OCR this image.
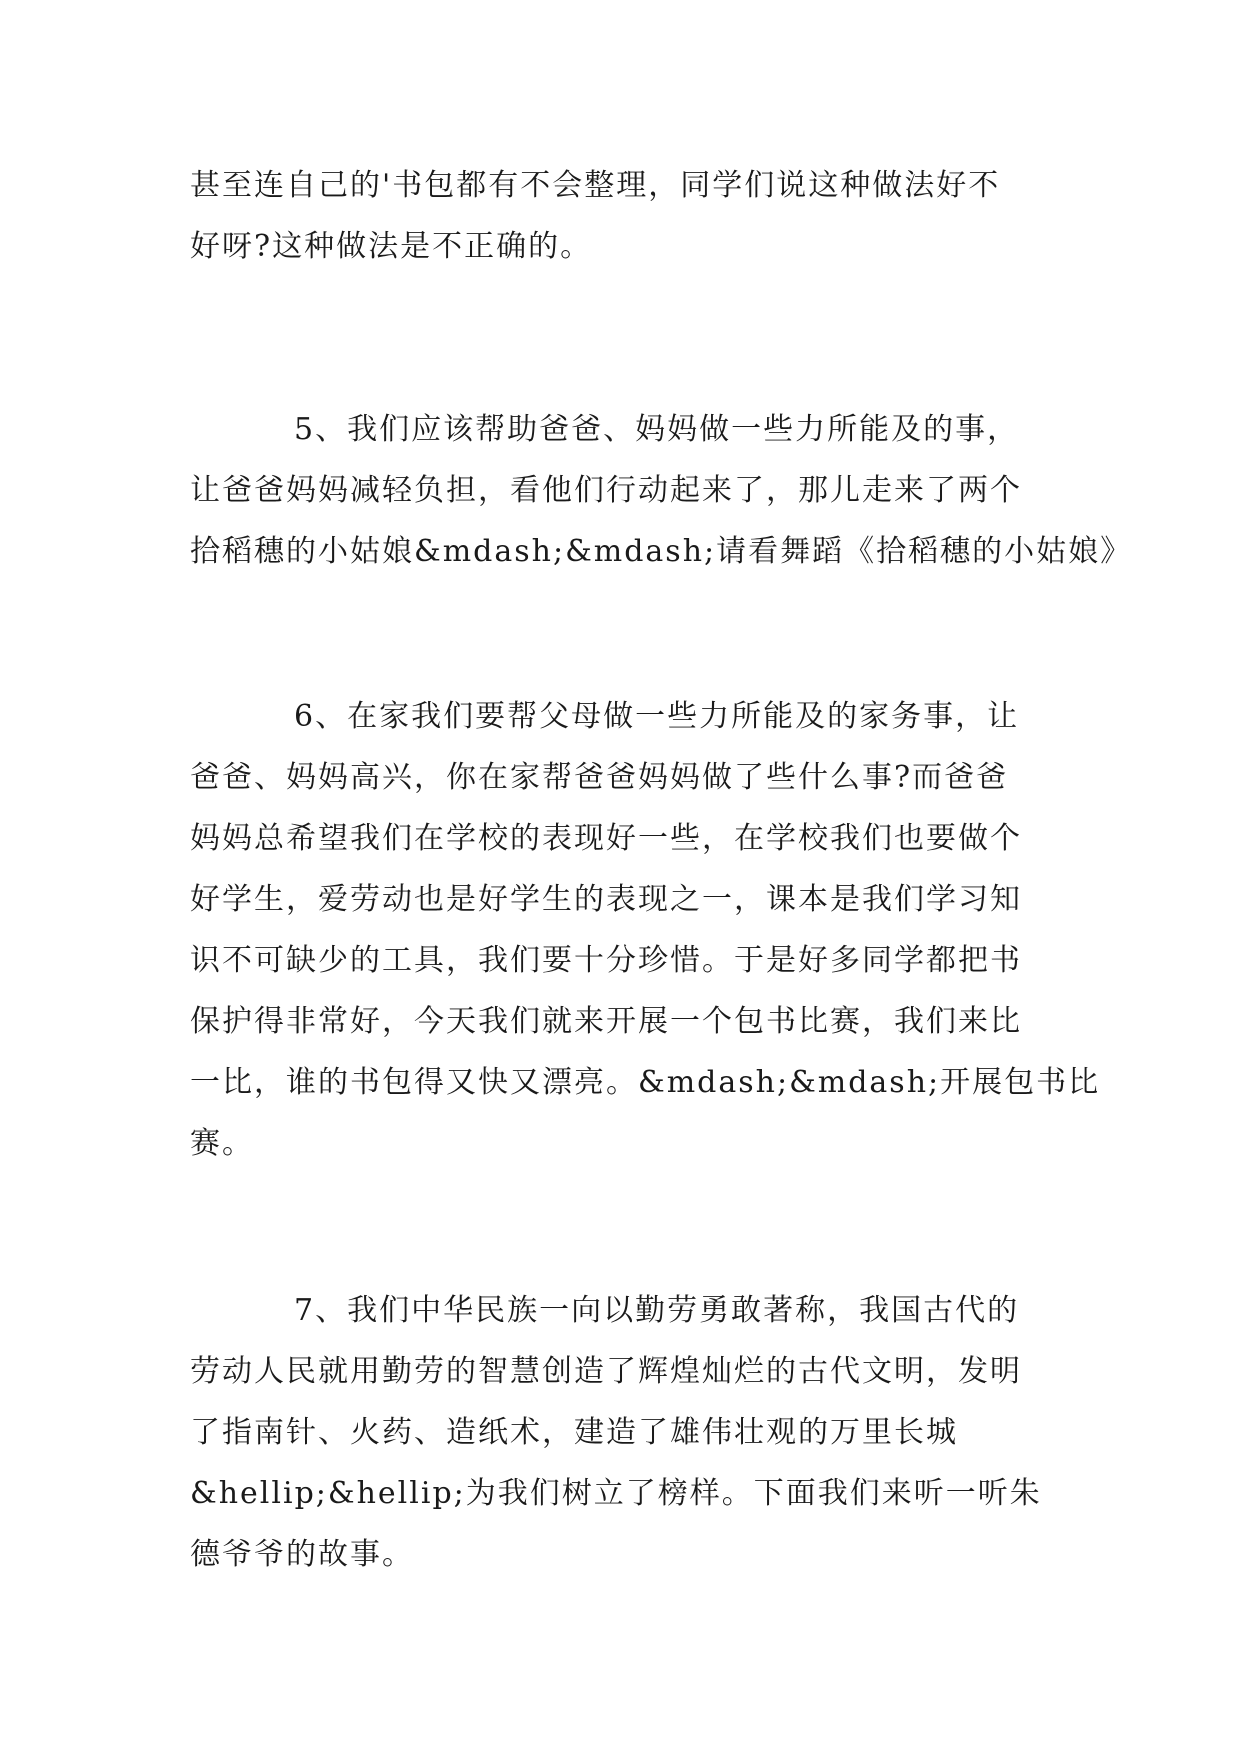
甚至连自己的'书包都有不会整理，同学们说这种做法好不
好呀?这种做法是不正确的。

5、我们应该帮助爸爸、妈妈做一些力所能及的事，
让爸爸妈妈减轻负担，看他们行动起来了，那儿走来了两个
拾稻穗的小姑娘&mdash;&mdash;请看舞蹈《拾稻穗的小姑娘》

6、在家我们要帮父母做一些力所能及的家务事，让
爸爸、妈妈高兴，你在家帮爸爸妈妈做了些什么事?而爸爸
妈妈总希望我们在学校的表现好一些，在学校我们也要做个
好学生，爱劳动也是好学生的表现之一，课本是我们学习知
识不可缺少的工具，我们要十分珍惜。于是好多同学都把书
保护得非常好，今天我们就来开展一个包书比赛，我们来比
一比，谁的书包得又快又漂亮。&mdash;&mdash;开展包书比
赛。

7、我们中华民族一向以勤劳勇敢著称，我国古代的
劳动人民就用勤劳的智慧创造了辉煌灿烂的古代文明，发明
了指南针、火药、造纸术，建造了雄伟壮观的万里长城
&hellip;&hellip;为我们树立了榜样。下面我们来听一听朱
德爷爷的故事。
